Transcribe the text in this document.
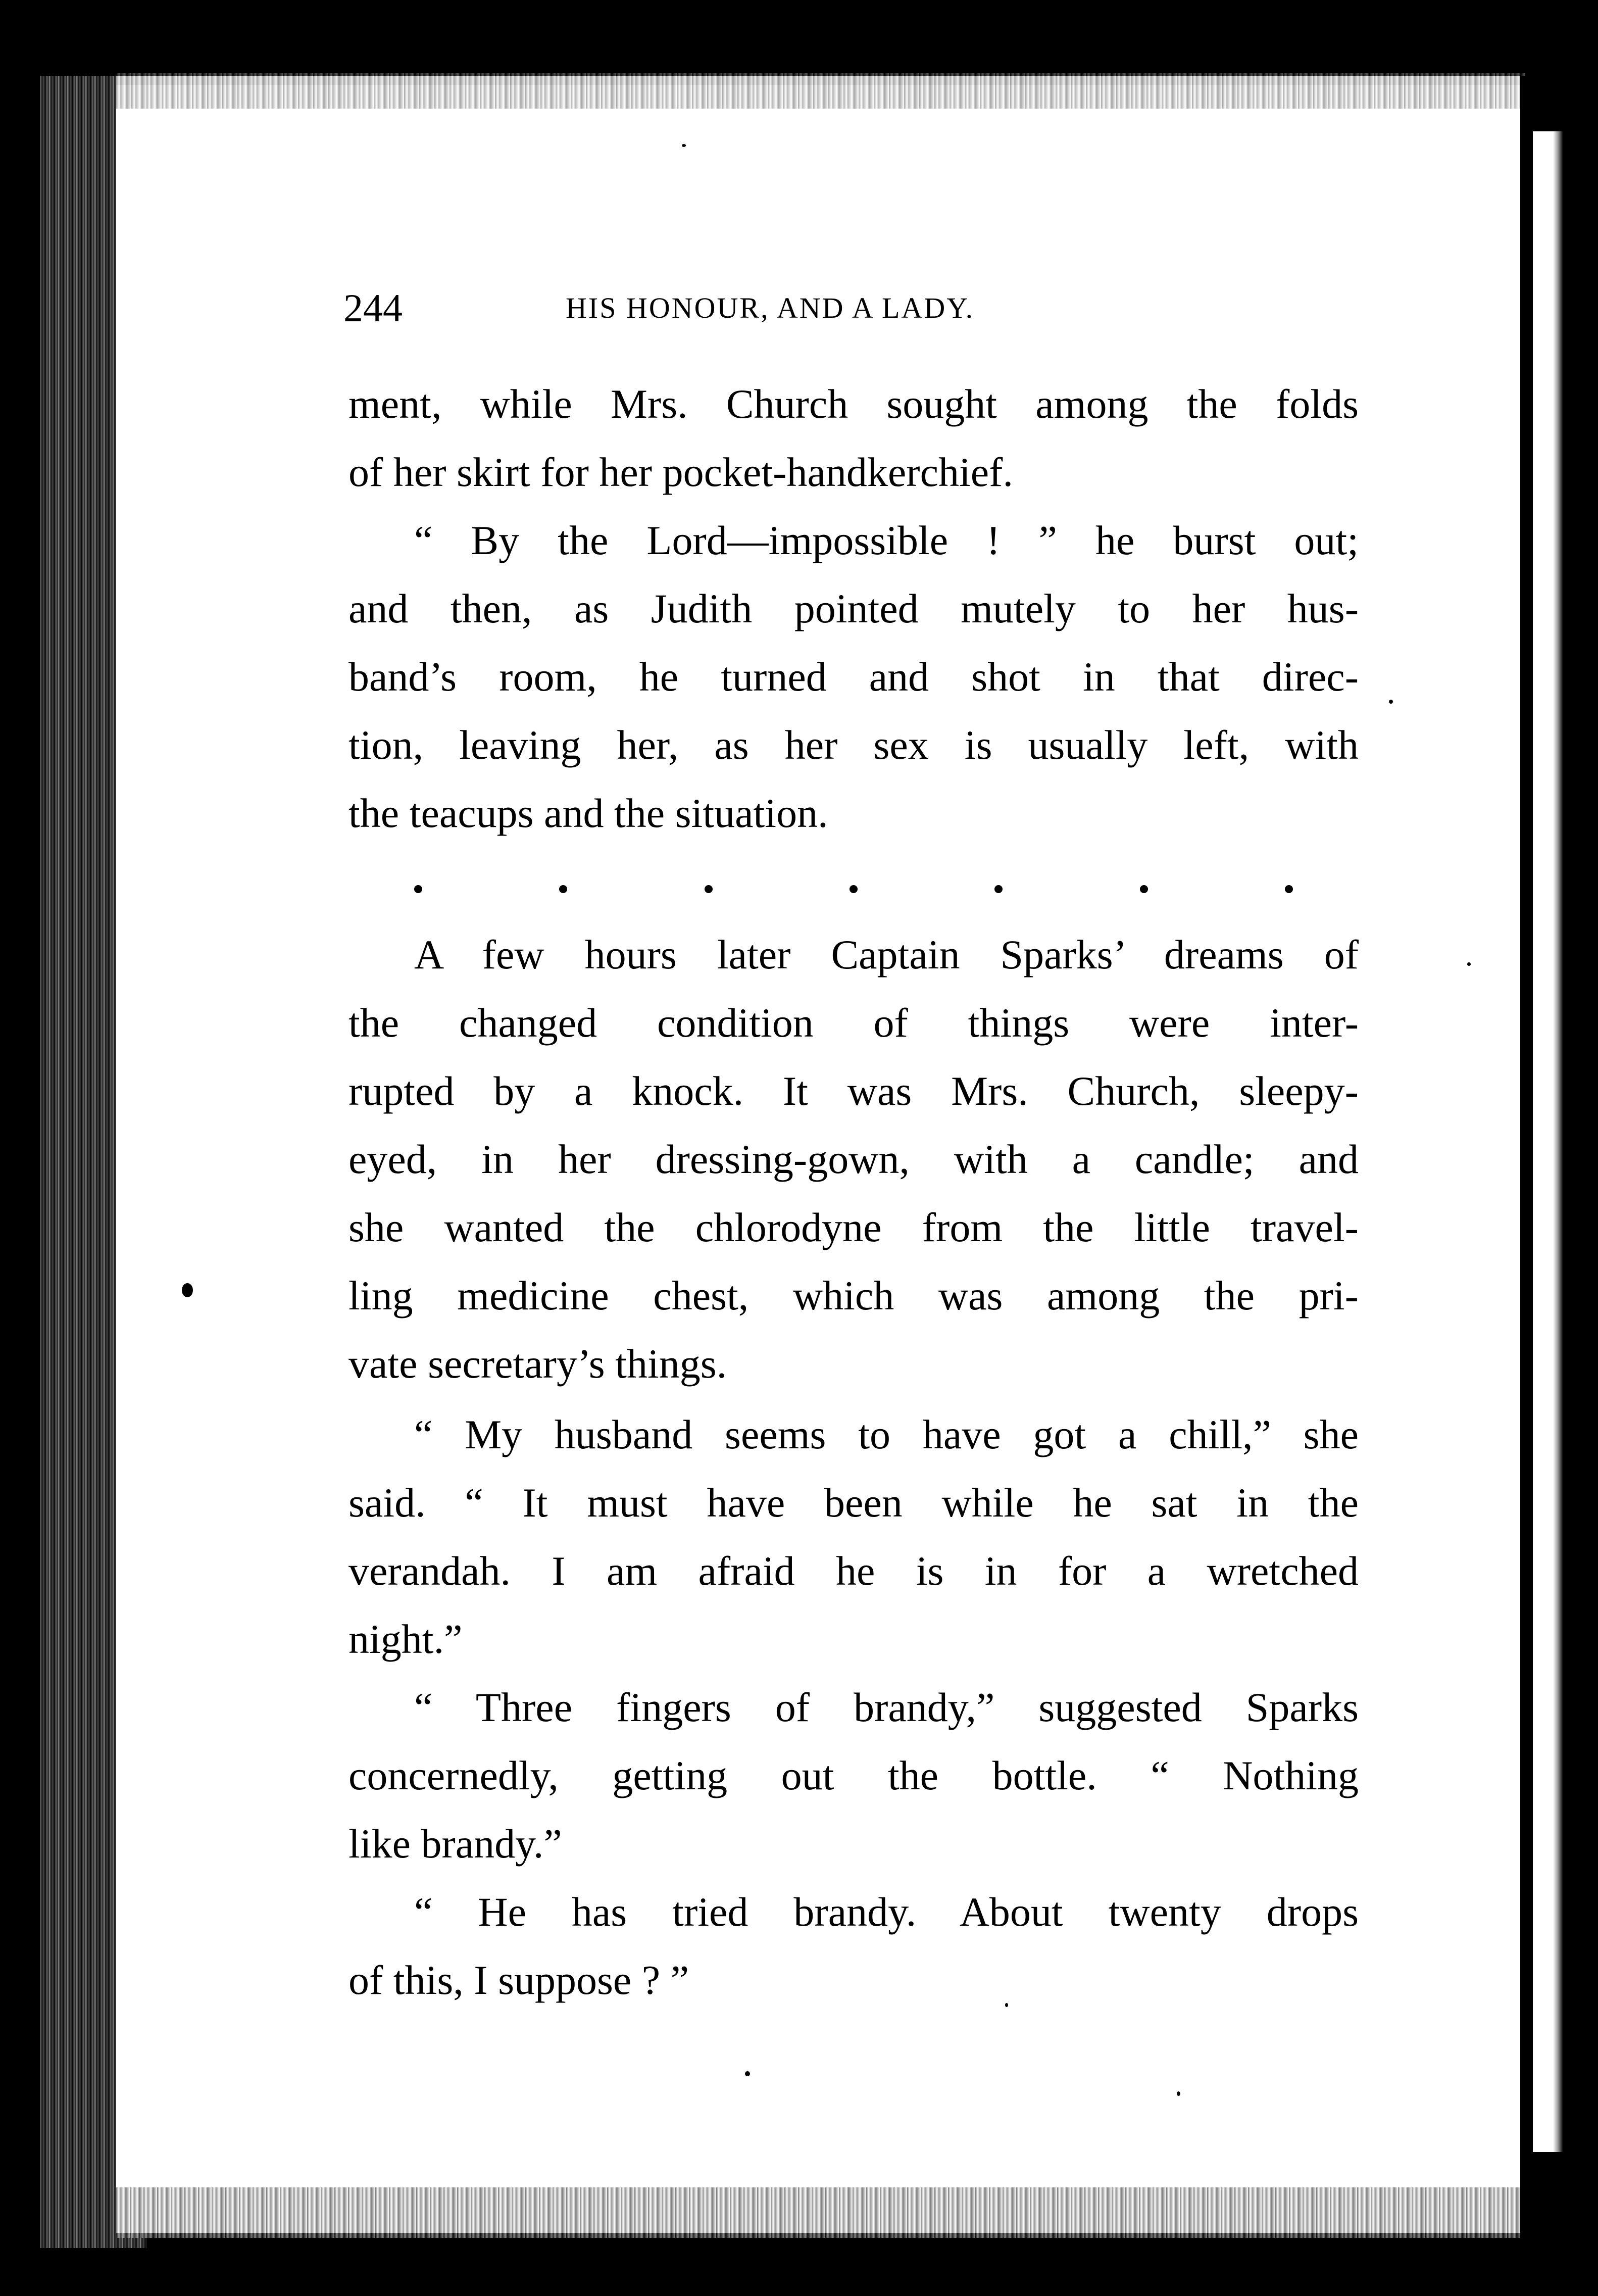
244	HIS HONOUR, AND A LADY.
ment, while Mrs. Church sought among the folds
of her skirt for her pocket-handkerchief.
“ By the Lord—impossible ! ” he burst out;
and then, as Judith pointed mutely to her hus-
band’s room, he turned and shot in that direc-
tion, leaving her, as her sex is usually left, with
the teacups and the situation.
A few hours later Captain Sparks’ dreams of
the changed condition of things were inter-
rupted by a knock. It was Mrs. Church, sleepy-
eyed, in her dressing-gown, with a candle; and
she wanted the chlorodyne from the little travel-
ling medicine chest, which was among the pri-
vate secretary’s things.
“ My husband seems to have got a chill,” she
said. “ It must have been while he sat in the
verandah. I am afraid he is in for a wretched
night.”
“ Three fingers of brandy,” suggested Sparks
concernedly, getting out the bottle. “ Nothing
like brandy.”
“ He has tried brandy. About twenty drops
of this, I suppose ? ”
